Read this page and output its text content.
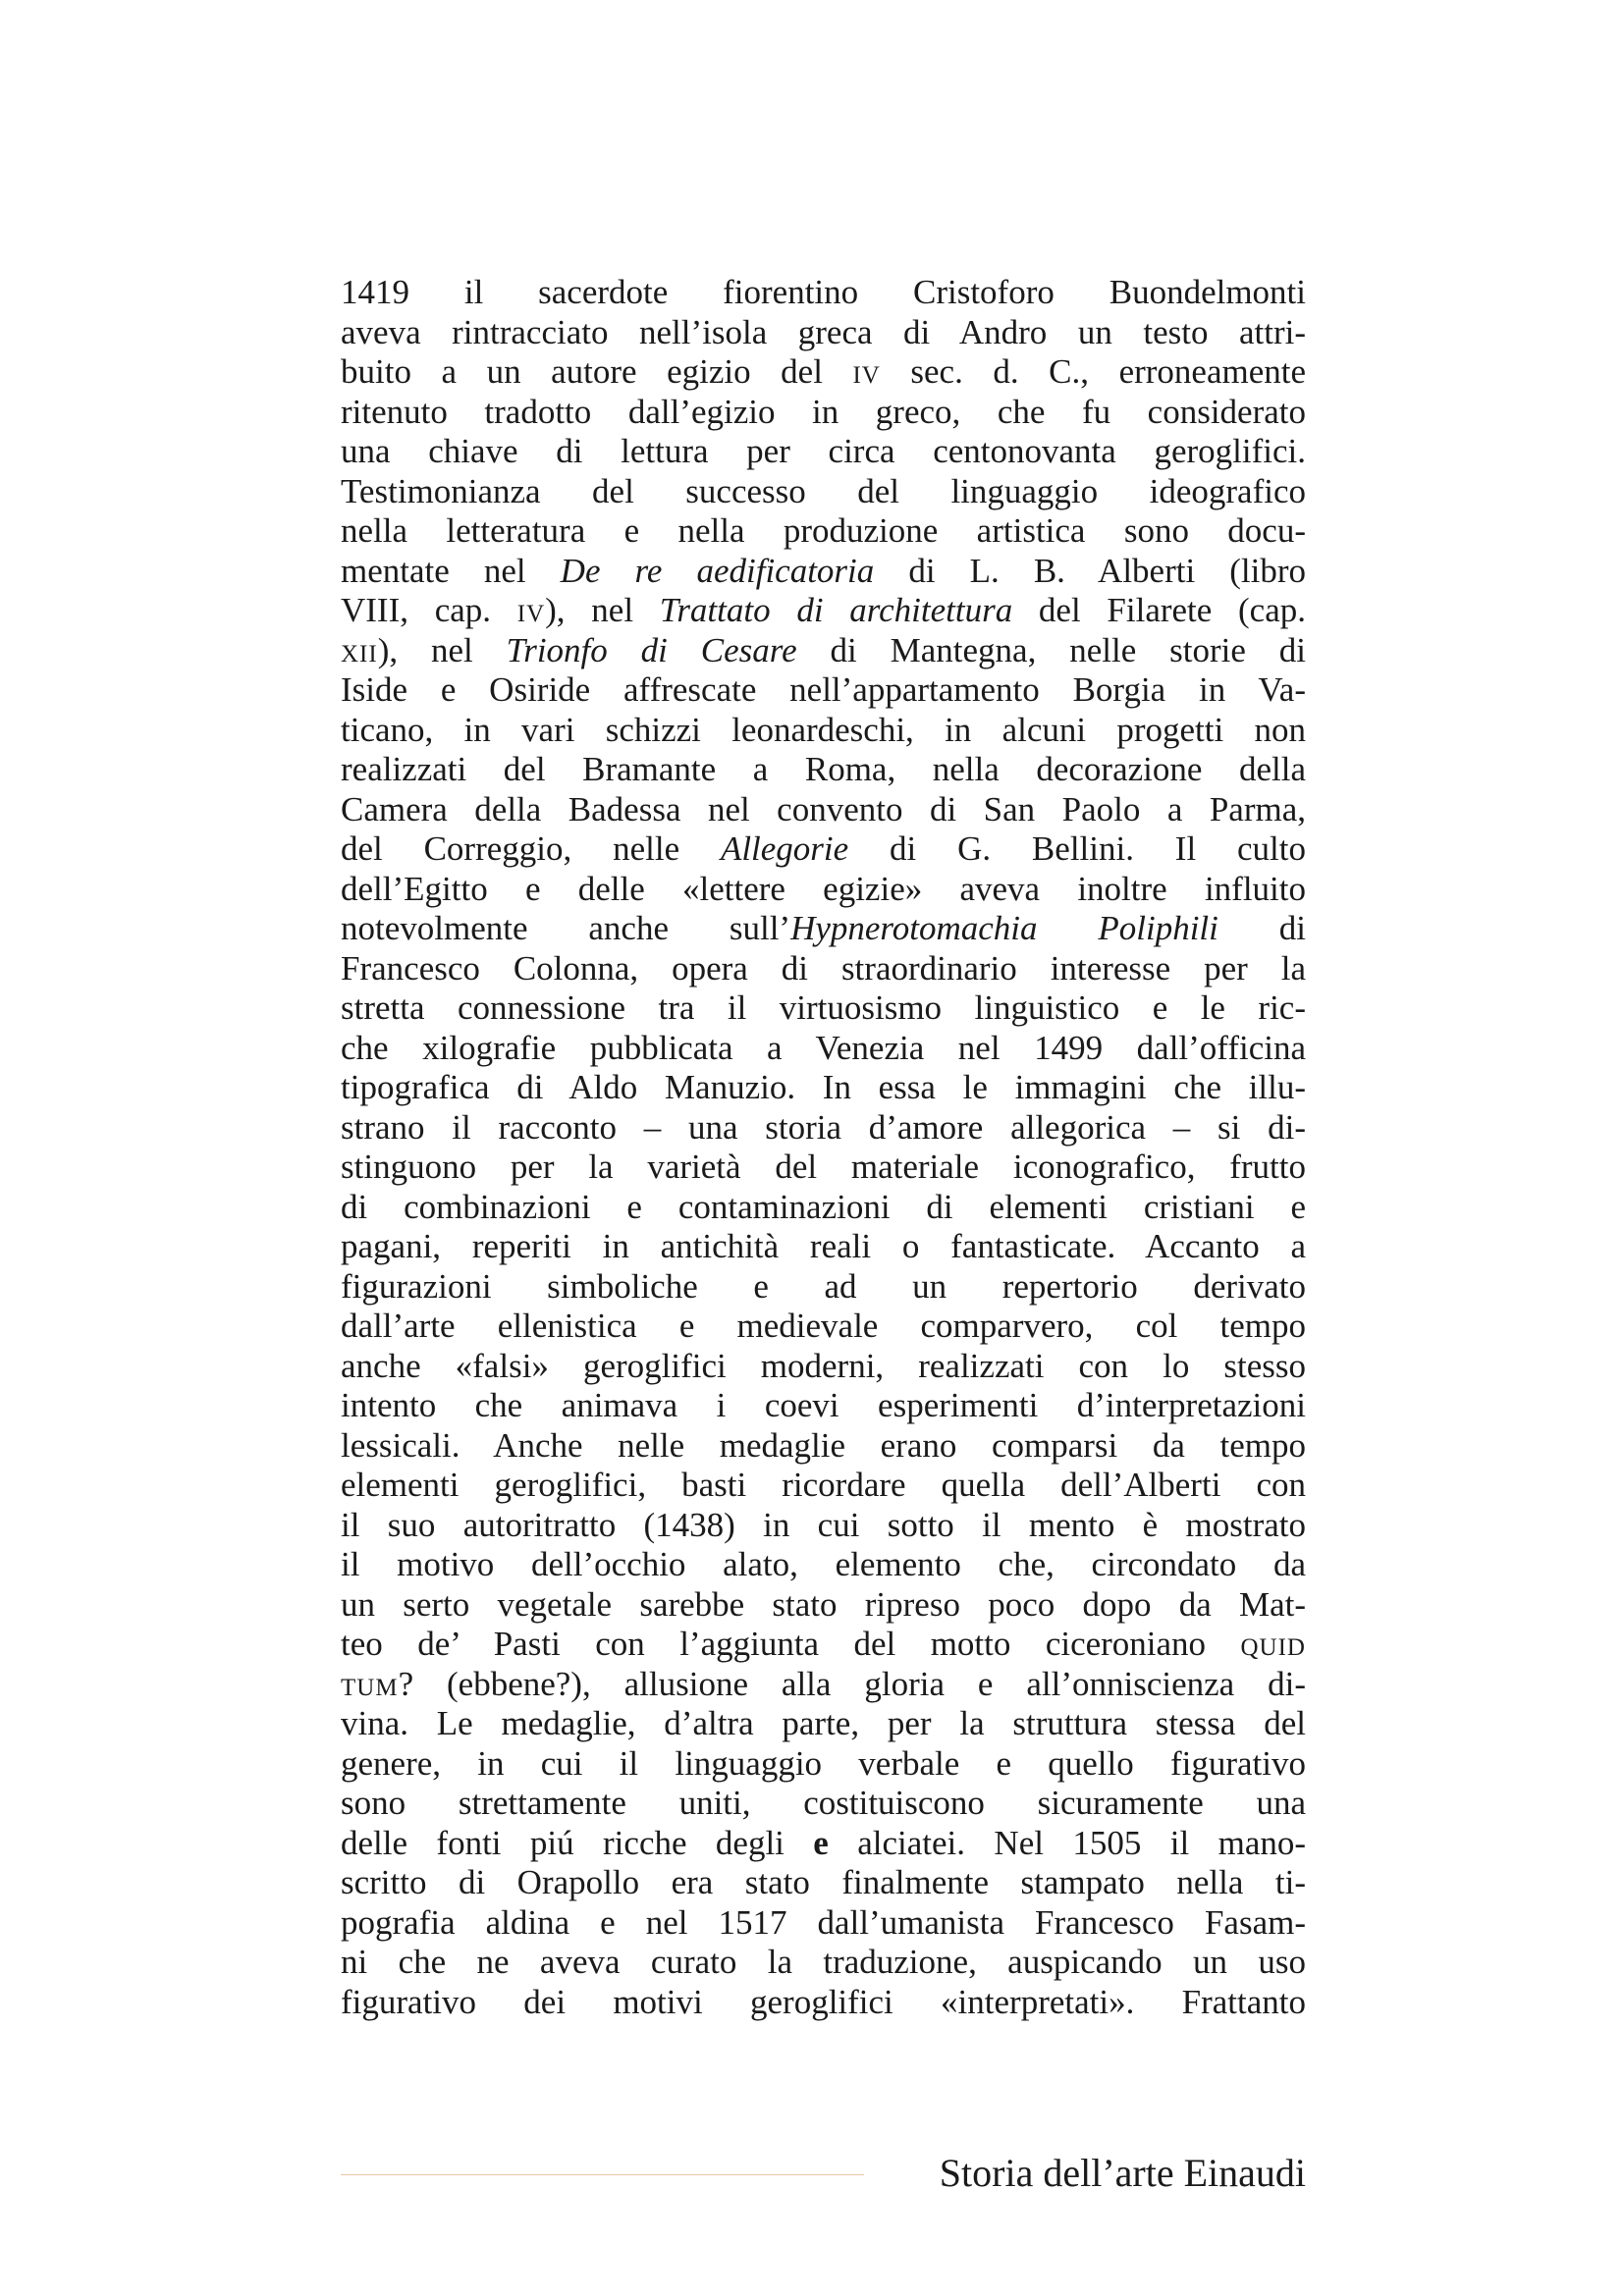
1419 il sacerdote fiorentino Cristoforo Buondelmonti
aveva rintracciato nell’isola greca di Andro un testo attri-
buito a un autore egizio del iv sec. d. C., erroneamente
ritenuto tradotto dall’egizio in greco, che fu considerato
una chiave di lettura per circa centonovanta geroglifici.
Testimonianza del successo del linguaggio ideografico
nella letteratura e nella produzione artistica sono docu-
mentate nel De re aedificatoria di L. B. Alberti (libro
VIII, cap. iv), nel Trattato di architettura del Filarete (cap.
xii), nel Trionfo di Cesare di Mantegna, nelle storie di
Iside e Osiride affrescate nell’appartamento Borgia in Va-
ticano, in vari schizzi leonardeschi, in alcuni progetti non
realizzati del Bramante a Roma, nella decorazione della
Camera della Badessa nel convento di San Paolo a Parma,
del Correggio, nelle Allegorie di G. Bellini. Il culto
dell’Egitto e delle «lettere egizie» aveva inoltre influito
notevolmente anche sull’Hypnerotomachia Poliphili di
Francesco Colonna, opera di straordinario interesse per la
stretta connessione tra il virtuosismo linguistico e le ric-
che xilografie pubblicata a Venezia nel 1499 dall’officina
tipografica di Aldo Manuzio. In essa le immagini che illu-
strano il racconto – una storia d’amore allegorica – si di-
stinguono per la varietà del materiale iconografico, frutto
di combinazioni e contaminazioni di elementi cristiani e
pagani, reperiti in antichità reali o fantasticate. Accanto a
figurazioni simboliche e ad un repertorio derivato
dall’arte ellenistica e medievale comparvero, col tempo
anche «falsi» geroglifici moderni, realizzati con lo stesso
intento che animava i coevi esperimenti d’interpretazioni
lessicali. Anche nelle medaglie erano comparsi da tempo
elementi geroglifici, basti ricordare quella dell’Alberti con
il suo autoritratto (1438) in cui sotto il mento è mostrato
il motivo dell’occhio alato, elemento che, circondato da
un serto vegetale sarebbe stato ripreso poco dopo da Mat-
teo de’ Pasti con l’aggiunta del motto ciceroniano quid
tum? (ebbene?), allusione alla gloria e all’onniscienza di-
vina. Le medaglie, d’altra parte, per la struttura stessa del
genere, in cui il linguaggio verbale e quello figurativo
sono strettamente uniti, costituiscono sicuramente una
delle fonti piú ricche degli e alciatei. Nel 1505 il mano-
scritto di Orapollo era stato finalmente stampato nella ti-
pografia aldina e nel 1517 dall’umanista Francesco Fasam-
ni che ne aveva curato la traduzione, auspicando un uso
figurativo dei motivi geroglifici «interpretati». Frattanto
Storia dell’arte Einaudi
